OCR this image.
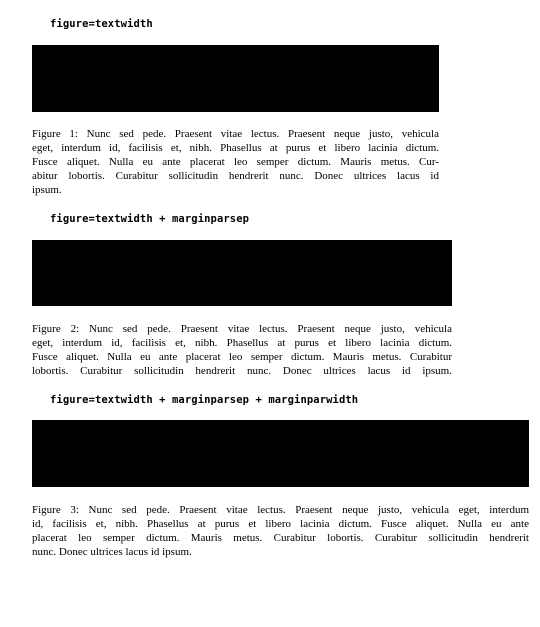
figure=textwidth
Figure 1: Nunc sed pede. Praesent vitae lectus. Praesent neque justo, vehicula
eget, interdum id, facilisis et, nibh. Phasellus at purus et libero lacinia dictum.
Fusce aliquet. Nulla eu ante placerat leo semper dictum. Mauris metus. Cur-
abitur lobortis. Curabitur sollicitudin hendrerit nunc. Donec ultrices lacus id
ipsum.
figure=textwidth + marginparsep
Figure 2: Nunc sed pede. Praesent vitae lectus. Praesent neque justo, vehicula
eget, interdum id, facilisis et, nibh. Phasellus at purus et libero lacinia dictum.
Fusce aliquet. Nulla eu ante placerat leo semper dictum. Mauris metus. Curabitur
lobortis. Curabitur sollicitudin hendrerit nunc. Donec ultrices lacus id ipsum.
figure=textwidth + marginparsep + marginparwidth
Figure 3: Nunc sed pede. Praesent vitae lectus. Praesent neque justo, vehicula eget, interdum
id, facilisis et, nibh. Phasellus at purus et libero lacinia dictum. Fusce aliquet. Nulla eu ante
placerat leo semper dictum. Mauris metus. Curabitur lobortis. Curabitur sollicitudin hendrerit
nunc. Donec ultrices lacus id ipsum.
